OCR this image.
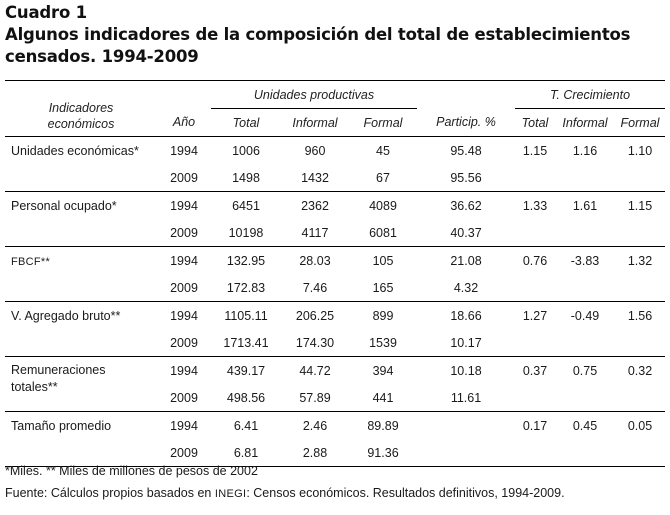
Cuadro 1
Algunos indicadores de la composición del total de establecimientos
censados. 1994-2009
Indicadores
económicos		Unidades productivas						T. Crecimiento		
	Año	Total	Informal	Formal		Particip. %		Total	Informal	Formal
Unidades económicas*	1994	1006	960	45		95.48		1.15	1.16	1.10
	2009	1498	1432	67		95.56				
Personal ocupado*	1994	6451	2362	4089		36.62		1.33	1.61	1.15
	2009	10198	4117	6081		40.37				
FBCF**	1994	132.95	28.03	105		21.08		0.76	-3.83	1.32
	2009	172.83	7.46	165		4.32				
V. Agregado bruto**	1994	1105.11	206.25	899		18.66		1.27	-0.49	1.56
	2009	1713.41	174.30	1539		10.17				
Remuneraciones
totales**	1994	439.17	44.72	394		10.18		0.37	0.75	0.32
	2009	498.56	57.89	441		11.61				
Tamaño promedio	1994	6.41	2.46	89.89				0.17	0.45	0.05
	2009	6.81	2.88	91.36						
*Miles. ** Miles de millones de pesos de 2002
Fuente: Cálculos propios basados en INEGI: Censos económicos. Resultados definitivos, 1994-2009.
